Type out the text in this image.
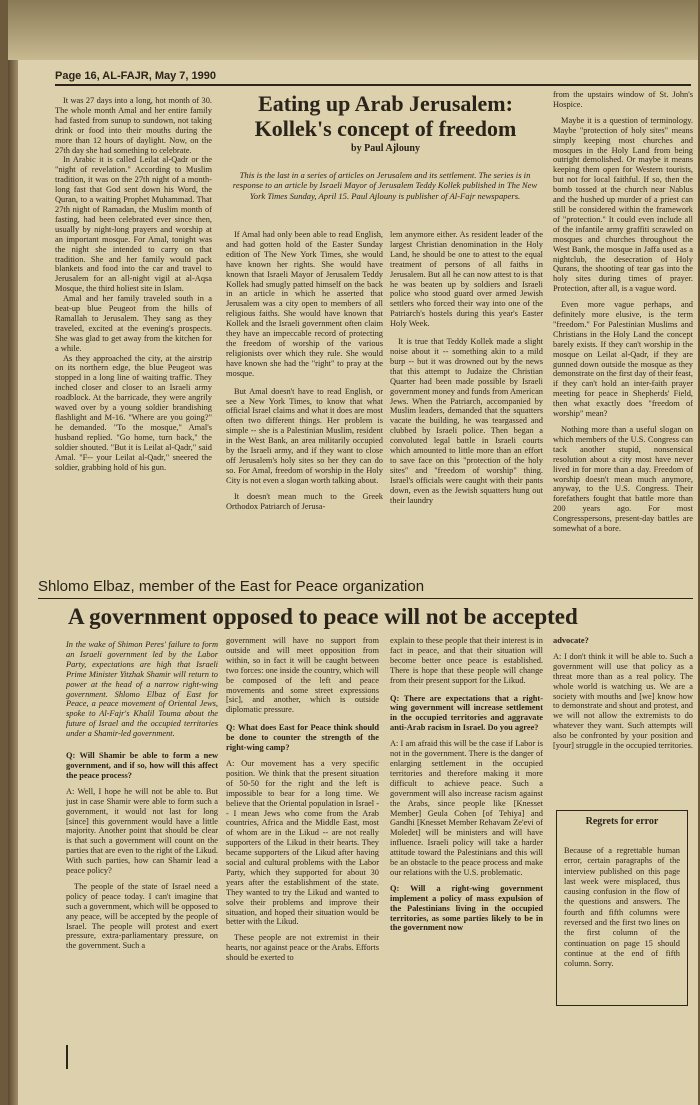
Page 16, AL-FAJR, May 7, 1990

It was 27 days into a long, hot month of 30. The whole month Amal and her entire family had fasted from sunup to sundown, not taking drink or food into their mouths during the more than 12 hours of daylight. Now, on the 27th day she had something to celebrate.

In Arabic it is called Leilat al-Qadr or the "night of revelation." According to Muslim tradition, it was on the 27th night of a month-long fast that God sent down his Word, the Quran, to a waiting Prophet Muhammad. That 27th night of Ramadan, the Muslim month of fasting, had been celebrated ever since then, usually by night-long prayers and worship at an important mosque. For Amal, tonight was the night she intended to carry on that tradition. She and her family would pack blankets and food into the car and travel to Jerusalem for an all-night vigil at al-Aqsa Mosque, the third holiest site in Islam.

Amal and her family traveled south in a beat-up blue Peugeot from the hills of Ramallah to Jerusalem. They sang as they traveled, excited at the evening's prospects. She was glad to get away from the kitchen for a while.

As they approached the city, at the airstrip on its northern edge, the blue Peugeot was stopped in a long line of waiting traffic. They inched closer and closer to an Israeli army roadblock. At the barricade, they were angrily waved over by a young soldier brandishing flashlight and M-16. "Where are you going?" he demanded. "To the mosque," Amal's husband replied. "Go home, turn back," the soldier shouted. "But it is Leilat al-Qadr," said Amal. "F-- your Leilat al-Qadr," sneered the soldier, grabbing hold of his gun.

Eating up Arab Jerusalem: Kollek's concept of freedom
by Paul Ajlouny
This is the last in a series of articles on Jerusalem and its settlement. The series is in response to an article by Israeli Mayor of Jerusalem Teddy Kollek published in The New York Times Sunday, April 15. Paul Ajlouny is publisher of Al-Fajr newspapers.

If Amal had only been able to read English, and had gotten hold of the Easter Sunday edition of The New York Times, she would have known her rights. She would have known that Israeli Mayor of Jerusalem Teddy Kollek had smugly patted himself on the back in an article in which he asserted that Jerusalem was a city open to members of all religious faiths. She would have known that Kollek and the Israeli government often claim they have an impeccable record of protecting the freedom of worship of the various religionists over which they rule. She would have known she had the "right" to pray at the mosque.

But Amal doesn't have to read English, or see a New York Times, to know that what official Israel claims and what it does are most often two different things. Her problem is simple -- she is a Palestinian Muslim, resident in the West Bank, an area militarily occupied by the Israeli army, and if they want to close off Jerusalem's holy sites so her they can do so. For Amal, freedom of worship in the Holy City is not even a slogan worth talking about.

It doesn't mean much to the Greek Orthodox Patriarch of Jerusa-

lem anymore either. As resident leader of the largest Christian denomination in the Holy Land, he should be one to attest to the equal treatment of persons of all faiths in Jerusalem. But all he can now attest to is that he was beaten up by soldiers and Israeli police who stood guard over armed Jewish settlers who forced their way into one of the Patriarch's hostels during this year's Easter Holy Week.

It is true that Teddy Kollek made a slight noise about it -- something akin to a mild burp -- but it was drowned out by the news that this attempt to Judaize the Christian Quarter had been made possible by Israeli government money and funds from American Jews. When the Patriarch, accompanied by Muslim leaders, demanded that the squatters vacate the building, he was teargassed and clubbed by Israeli police. Then began a convoluted legal battle in Israeli courts which amounted to little more than an effort to save face on this "protection of the holy sites" and "freedom of worship" thing. Israel's officials were caught with their pants down, even as the Jewish squatters hung out their laundry

from the upstairs window of St. John's Hospice.

Maybe it is a question of terminology. Maybe "protection of holy sites" means simply keeping most churches and mosques in the Holy Land from being outright demolished. Or maybe it means keeping them open for Western tourists, but not for local faithful. If so, then the bomb tossed at the church near Nablus and the hushed up murder of a priest can still be considered within the framework of "protection." It could even include all of the infantile army graffiti scrawled on mosques and churches throughout the West Bank, the mosque in Jaffa used as a nightclub, the desecration of Holy Qurans, the shooting of tear gas into the holy sites during times of prayer. Protection, after all, is a vague word.

Even more vague perhaps, and definitely more elusive, is the term "freedom." For Palestinian Muslims and Christians in the Holy Land the concept barely exists. If they can't worship in the mosque on Leilat al-Qadr, if they are gunned down outside the mosque as they demonstrate on the first day of their feast, if they can't hold an inter-faith prayer meeting for peace in Shepherds' Field, then what exactly does "freedom of worship" mean?

Nothing more than a useful slogan on which members of the U.S. Congress can tack another stupid, nonsensical resolution about a city most have never lived in for more than a day. Freedom of worship doesn't mean much anymore, anyway, to the U.S. Congress. Their forefathers fought that battle more than 200 years ago. For most Congresspersons, present-day battles are somewhat of a bore.

Shlomo Elbaz, member of the East for Peace organization
A government opposed to peace will not be accepted

In the wake of Shimon Peres' failure to form an Israeli government led by the Labor Party, expectations are high that Israeli Prime Minister Yitzhak Shamir will return to power at the head of a narrow right-wing government. Shlomo Elbaz of East for Peace, a peace movement of Oriental Jews, spoke to Al-Fajr's Khalil Touma about the future of Israel and the occupied territories under a Shamir-led government.

Q: Will Shamir be able to form a new government, and if so, how will this affect the peace process?

A: Well, I hope he will not be able to. But just in case Shamir were able to form such a government, it would not last for long [since] this government would have a little majority. Another point that should be clear is that such a government will count on the parties that are even to the right of the Likud. With such parties, how can Shamir lead a peace policy?

The people of the state of Israel need a policy of peace today. I can't imagine that such a government, which will be opposed to any peace, will be accepted by the people of Israel. The people will protest and exert pressure, extra-parliamentary pressure, on the government. Such a

government will have no support from outside and will meet opposition from within, so in fact it will be caught between two forces: one inside the country, which will be composed of the left and peace movements and some street expressions [sic], and another, which is outside diplomatic pressure.

Q: What does East for Peace think should be done to counter the strength of the right-wing camp?

A: Our movement has a very specific position. We think that the present situation of 50-50 for the right and the left is impossible to bear for a long time. We believe that the Oriental population in Israel -- I mean Jews who come from the Arab countries, Africa and the Middle East, most of whom are in the Likud -- are not really supporters of the Likud in their hearts. They became supporters of the Likud after having social and cultural problems with the Labor Party, which they supported for about 30 years after the establishment of the state. They wanted to try the Likud and wanted to solve their problems and improve their situation, and hoped their situation would be better with the Likud.

These people are not extremist in their hearts, nor against peace or the Arabs. Efforts should be exerted to

explain to these people that their interest is in fact in peace, and that their situation will become better once peace is established. There is hope that these people will change from their present support for the Likud.

Q: There are expectations that a right-wing government will increase settlement in the occupied territories and aggravate anti-Arab racism in Israel. Do you agree?

A: I am afraid this will be the case if Labor is not in the government. There is the danger of enlarging settlement in the occupied territories and therefore making it more difficult to achieve peace. Such a government will also increase racism against the Arabs, since people like [Knesset Member] Geula Cohen [of Tehiya] and Gandhi [Knesset Member Rehavam Ze'evi of Moledet] will be ministers and will have influence. Israeli policy will take a harder attitude toward the Palestinians and this will be an obstacle to the peace process and make our relations with the U.S. problematic.

Q: Will a right-wing government implement a policy of mass expulsion of the Palestinians living in the occupied territories, as some parties likely to be in the government now

advocate?

A: I don't think it will be able to. Such a government will use that policy as a threat more than as a real policy. The whole world is watching us. We are a society with mouths and [we] know how to demonstrate and shout and protest, and we will not allow the extremists to do whatever they want. Such attempts will also be confronted by your position and [your] struggle in the occupied territories.

Regrets for error

Because of a regrettable human error, certain paragraphs of the interview published on this page last week were misplaced, thus causing confusion in the flow of the questions and answers. The fourth and fifth columns were reversed and the first two lines on the first column of the continuation on page 15 should continue at the end of fifth column. Sorry.
